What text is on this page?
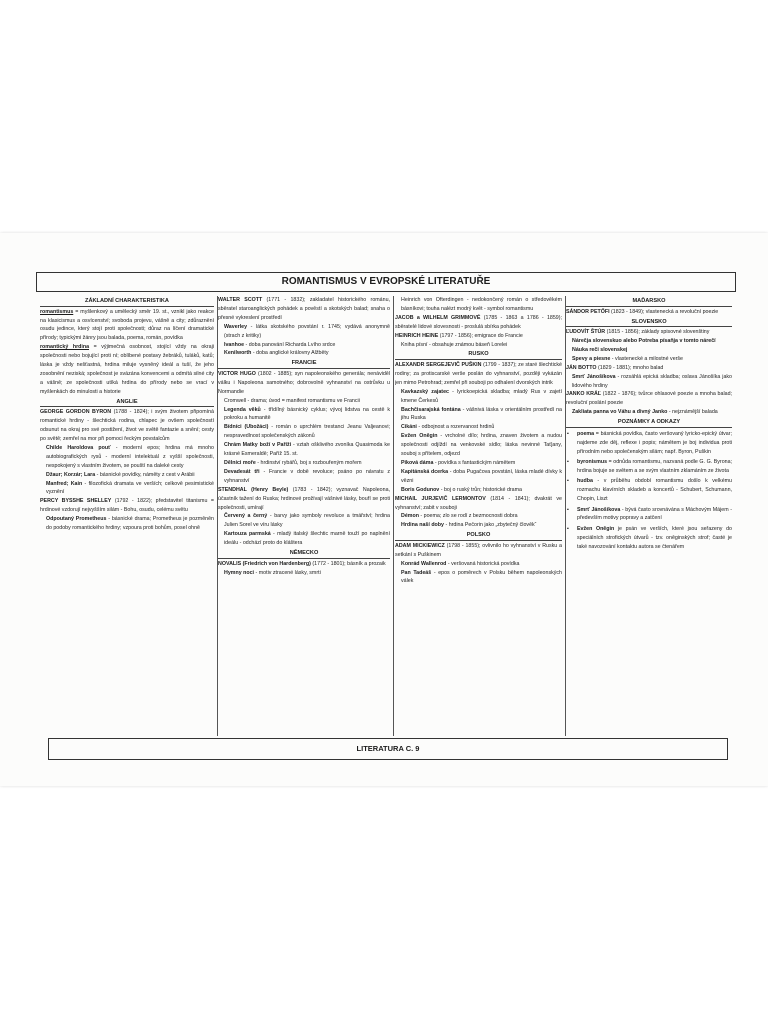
ROMANTISMUS V EVROPSKÉ LITERATUŘE
ZÁKLADNÍ CHARAKTERISTIKA
romantismus = myšlenkový a umělecký směr 19. st., vznikl jako reakce na klasicismus a osvícenství; svoboda projevu, vášně a city; zdůraznění osudu jedince, který stojí proti společnosti; důraz na líčení dramatické přírody; typickými žánry jsou balada, poema, román, povídka
romantický hrdina = výjimečná osobnost, stojící vždy na okraji společnosti nebo bojující proti ní; oblíbené postavy žebráků, tuláků, katů; láska je vždy nešťastná, hrdina miluje vysněný ideál a tuší, že jeho zosobnění neziská; společnost je svázána konvencemi a odmítá silné city a vášně; ze společnosti utíká hrdina do přírody nebo se vrací v myšlenkách do minulosti a historie
ANGLIE
GEORGE GORDON BYRON (1788 - 1824); i svým životem připomíná romantické hrdiny - šlechtická rodina, chlapec je ovšem společností odsunut na okraj pro své postižení, život ve světě fantazie a snění; cesty po světě; zemřel na mor při pomoci řeckým povstalcům
Childe Haroldova pouť - moderní epos; hrdina má mnoho autobiografických rysů - moderní intelektuál z vyšší společnosti, nespokojený s vlastním životem, se pouští na daleké cesty
Džaur; Korzár; Lara - básnické povídky, náměty z cest v Arábii
Manfred; Kain - filozofická dramata ve verších; celkově pesimistické vyznění
PERCY BYSSHE SHELLEY (1792 - 1822); představitel titanismu = hrdinové vzdorují nejvyšším silám - Bohu, osudu, celému světu
Odpoutaný Prometheus - básnické drama; Prometheus je pozměněn do podoby romantického hrdiny; vzpoura proti bohům, posel ohně
WALTER SCOTT (1771 - 1832); zakladatel historického románu, sběratel staroanglických pohádek a pověstí a skotských balad; snaha o přesné vykreslení prostředí
Waverley - látka skotského povstání r. 1745; vydává anonymně (strach z kritiky)
Ivanhoe - doba panování Richarda Lvího srdce
Kenilworth - doba anglické královny Alžběty
FRANCIE
VICTOR HUGO (1802 - 1885); syn napoleonského generála; nenáviděl válku i Napoleona samotného; dobrovolně vyhnanství na ostrůvku u Normandie
Cromwell - drama; úvod = manifest romantismu ve Francii
Legenda věků - třídílný básnický cyklus; vývoj lidstva na cestě k pokroku a humanitě
Bídníci (Ubožáci) - román o uprchlém trestanci Jeanu Valjeanovi; nespravedlnost společenských zákonů
Chrám Matky boží v Paříži - vztah ošklivého zvoníka Quasimoda ke krásné Esmeraldě; Paříž 15. st.
Dělníci moře - hrdinství rybářů, boj s rozbouřeným mořem
Devadesát tři - Francie v době revoluce; psáno po návratu z vyhnanství
STENDHAL (Henry Beyle) (1783 - 1842); vyznavač Napoleona, účastník tažení do Ruska; hrdinové prožívají vášnivé lásky, bouří se proti společnosti, umírají
Červený a černý - barvy jako symboly revoluce a tmářství; hrdina Julien Sorel ve víru lásky
Kartouza parmská - mladý italský šlechtic marně touží po naplnění ideálu - odchází proto do kláštera
NĚMECKO
NOVALIS (Friedrich von Hardenberg) (1772 - 1801); básník a prozaik
Hymny noci - motiv ztracené lásky, smrti
Heinrich von Ofterdingen - nedokončený román o středověkém básníkovi; touha nalézt modrý květ - symbol romantismu
JACOB a WILHELM GRIMMOVÉ (1785 - 1863 a 1786 - 1859); sběratelé lidové slovesnosti - proslulá sbírka pohádek
HEINRICH HEINE (1797 - 1856); emigrace do Francie
Kniha písní - obsahuje známou báseň Lorelei
RUSKO
ALEXANDR SERGEJEVIČ PUŠKIN (1799 - 1837); ze staré šlechtické rodiny; za protiscarské verše poslán do vyhnanství, později vykázán jen mimo Petrohrad; zemřel při souboji po odhalení dvorských intrik
Kavkazský zajatec - lyrickoepická skladba; mladý Rus v zajetí kmene Čerkesů
Bachčisarajská fontána - vášnivá láska v orientálním prostředí na jihu Ruska
Cikáni - odbojnost a rozervanost hrdinů
Evžen Oněgin - vrcholné dílo; hrdina, znaven životem a nudou společnosti odjíždí na venkovské sídlo; láska nevinné Taťjany, souboj s přítelem, odjezd
Piková dáma - povídka s fantastickým námětem
Kapitánská dcerka - doba Pugačova povstání, láska mladé dívky k vězni
Boris Godunov - boj o ruský trůn; historické drama
MICHAIL JURJEVIČ LERMONTOV (1814 - 1841); dvakrát ve vyhnanství; zabit v souboji
Démon - poema; zlo se rodí z bezmocnosti dobra
Hrdina naší doby - hrdina Pečorin jako „zbytečný člověk“
POLSKO
ADAM MICKIEWICZ (1798 - 1855); ovlivnilo ho vyhnanství v Rusku a setkání s Puškinem
Konrád Wallenrod - veršovaná historická povídka
Pan Tadeáš - epos o poměrech v Polsku během napoleonských válek
MAĎARSKO
SÁNDOR PETŐFI (1823 - 1849); vlastenecká a revoluční poezie
SLOVENSKO
ĽUDOVÍT ŠTÚR (1815 - 1856); základy spisovné slovenštiny
Nárečja slovenskuo alebo Potreba písaňja v tomto nárečí
Náuka reči slovenskej
Spevy a piesne - vlastenecké a milostné verše
JÁN BOTTO (1829 - 1881); mnoho balad
Smrť Jánošíkova - rozsáhlá epická skladba; oslava Jánošíka jako lidového hrdiny
JANKO KRÁĽ (1822 - 1876); tvůrce ohlasové poezie a mnoha balad; revoluční poslání poezie
Zakliata panna vo Váhu a divný Janko - nejznámější balada
POZNÁMKY A ODKAZY
▪ poema = básnická povídka, často veršovaný lyricko-epický útvar; najdeme zde děj, reflexe i popis; námětem je boj individua proti přírodním nebo společenským silám; např. Byron, Puškin
▪ byronismus = odnůda romantismu, nazvaná podle G. G. Byrona; hrdina bojuje se světem a se svým vlastním zklamáním ze života
▪ hudba - v průběhu období romantismu došlo k velkému rozmachu klavírních skladeb a koncertů - Schubert, Schumann, Chopin, Liszt
▪ Smrť Jánošíkova - bývá často srovnávána s Máchovým Májem - především motivy popravy a zatčení
▪ Evžen Oněgin je psán ve verších, které jsou seřazeny do speciálních strofických útvarů - tzv. oněginských strof; časté je také navozování kontaktu autora se čtenářem
LITERATURA C. 9
